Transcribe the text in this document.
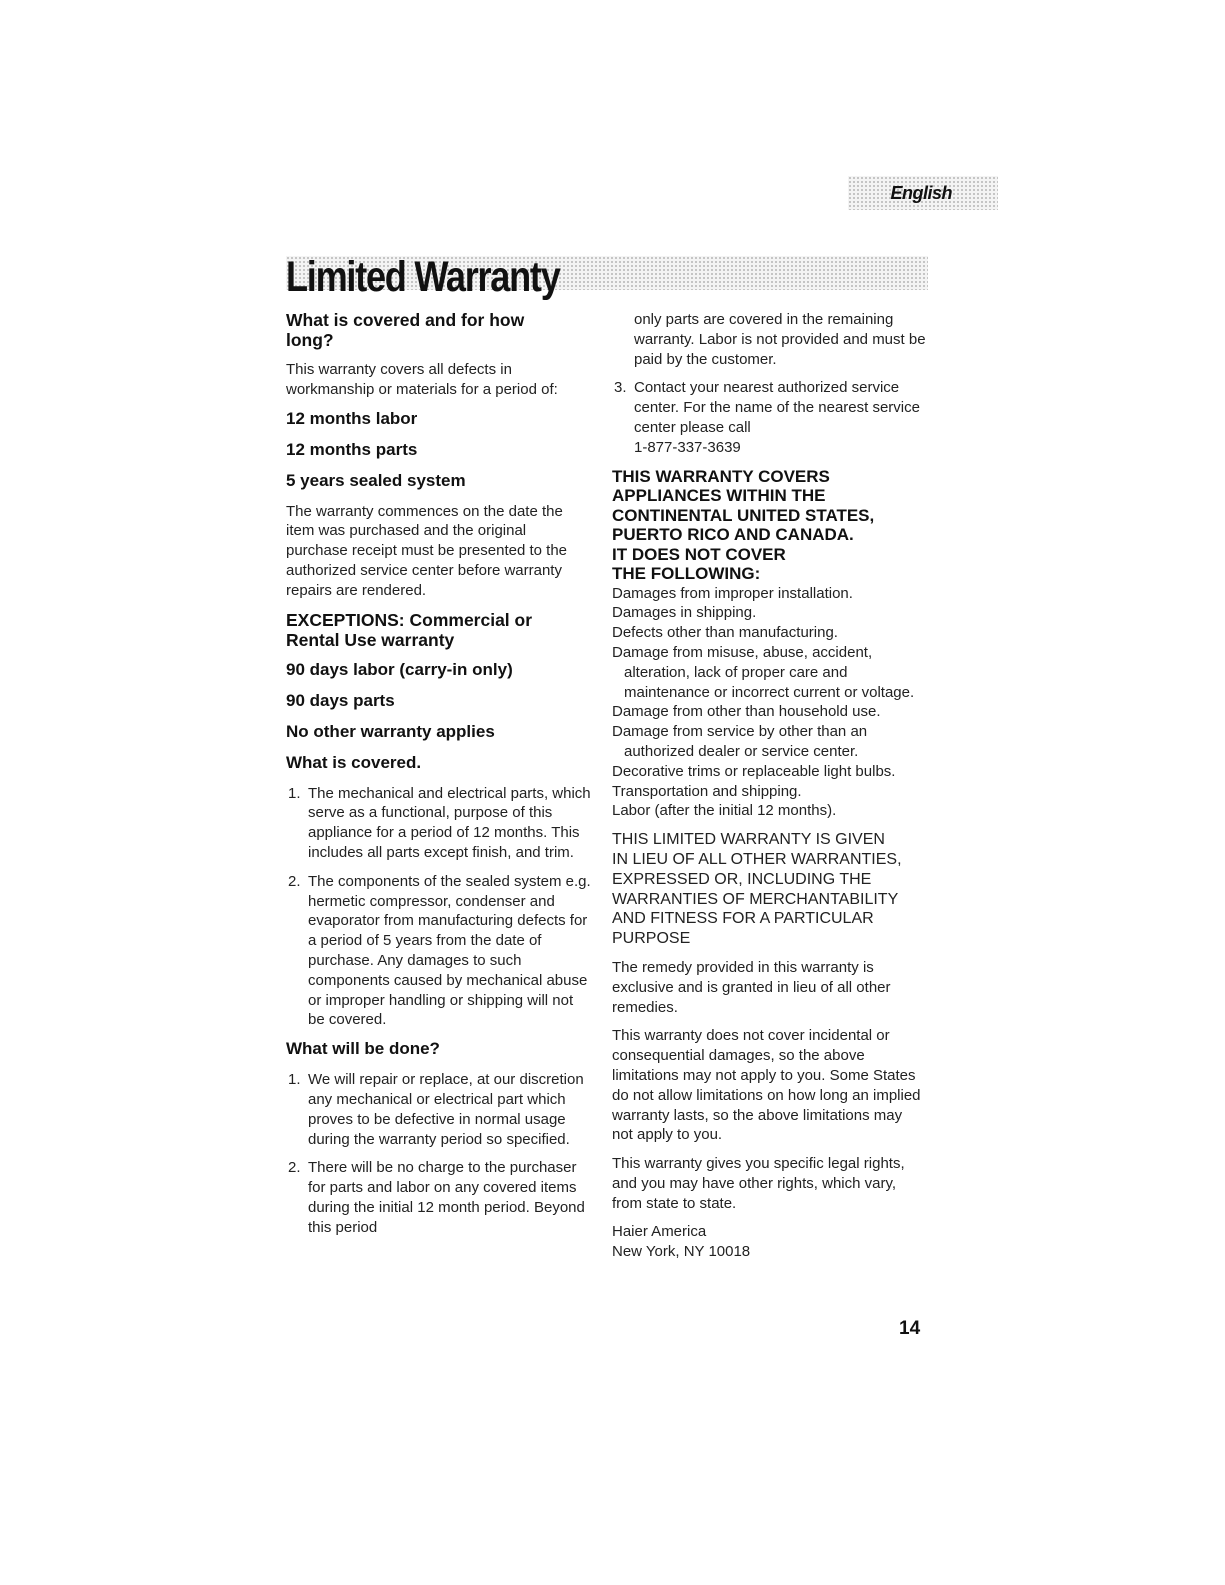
English
Limited Warranty
What is covered and for how long?

This warranty covers all defects in workmanship or materials for a period of:

12 months labor
12 months parts
5 years sealed system

The warranty commences on the date the item was purchased and the original purchase receipt must be presented to the authorized service center before warranty repairs are rendered.

EXCEPTIONS: Commercial or Rental Use warranty
90 days labor (carry-in only)
90 days parts
No other warranty applies
What is covered.
1. The mechanical and electrical parts, which serve as a functional, purpose of this appliance for a period of 12 months. This includes all parts except finish, and trim.
2. The components of the sealed system e.g. hermetic compressor, condenser and evaporator from manufacturing defects for a period of 5 years from the date of purchase. Any damages to such components caused by mechanical abuse or improper handling or shipping will not be covered.
What will be done?
1. We will repair or replace, at our discretion any mechanical or electrical part which proves to be defective in normal usage during the warranty period so specified.
2. There will be no charge to the purchaser for parts and labor on any covered items during the initial 12 month period. Beyond this period
only parts are covered in the remaining warranty. Labor is not provided and must be paid by the customer.
3. Contact your nearest authorized service center. For the name of the nearest service center please call
1-877-337-3639
THIS WARRANTY COVERS APPLIANCES WITHIN THE CONTINENTAL UNITED STATES, PUERTO RICO AND CANADA.
IT DOES NOT COVER THE FOLLOWING:

Damages from improper installation.

Damages in shipping.

Defects other than manufacturing.

Damage from misuse, abuse, accident, alteration, lack of proper care and maintenance or incorrect current or voltage.

Damage from other than household use.

Damage from service by other than an authorized dealer or service center.

Decorative trims or replaceable light bulbs.

Transportation and shipping.

Labor (after the initial 12 months).

THIS LIMITED WARRANTY IS GIVEN IN LIEU OF ALL OTHER WARRANTIES, EXPRESSED OR, INCLUDING THE WARRANTIES OF MERCHANTABILITY AND FITNESS FOR A PARTICULAR PURPOSE

The remedy provided in this warranty is exclusive and is granted in lieu of all other remedies.

This warranty does not cover incidental or consequential damages, so the above limitations may not apply to you. Some States do not allow limitations on how long an implied warranty lasts, so the above limitations may not apply to you.

This warranty gives you specific legal rights, and you may have other rights, which vary, from state to state.

Haier America

New York, NY 10018

14
